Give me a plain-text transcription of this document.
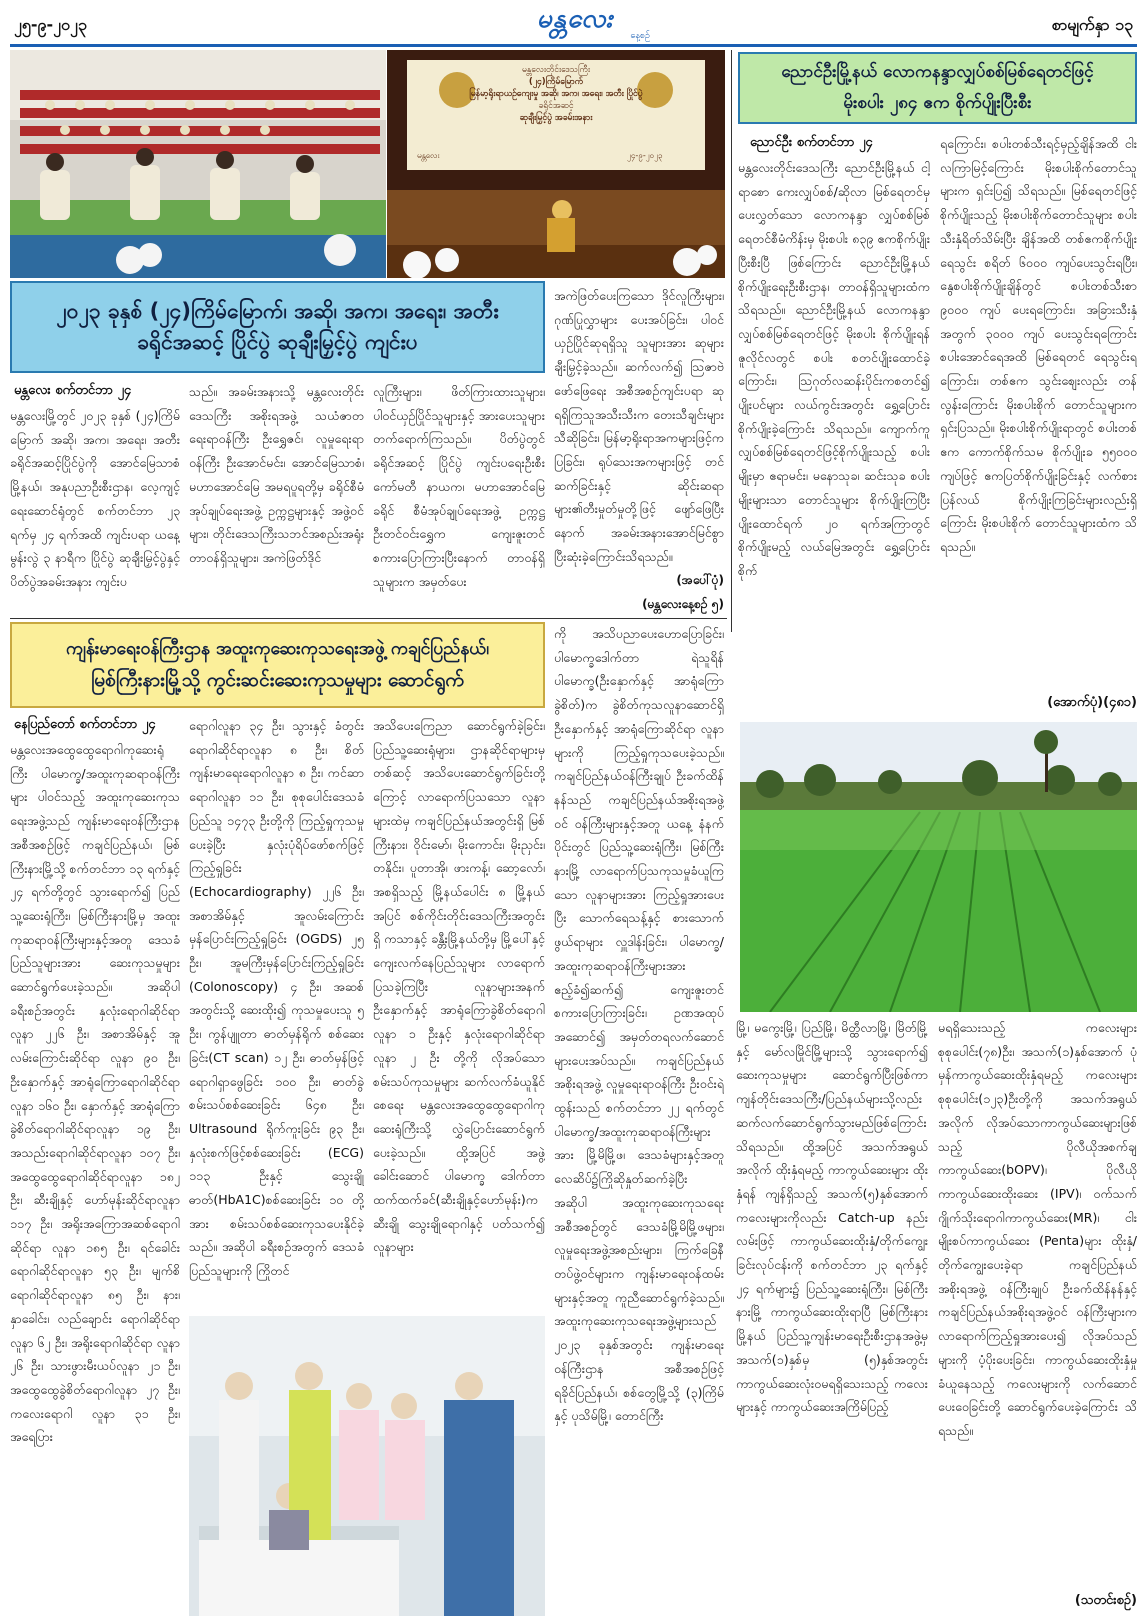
၂၅-၉-၂၀၂၃	မန္တလေး
နေ့စဉ်
စာမျက်နှာ ၁၃
မန္တလေးတိုင်းဒေသကြီး
(၂၄)ကြိမ်မြောက်
မြန်မာ့ရိုးရာယဉ်ကျေးမှု အဆို၊ အက၊ အရေး၊ အတီး ပြိုင်ပွဲ
ခရိုင်အဆင့်
ဆုချီးမြှင့်ပွဲ အခမ်းအနား
မန္တလေး	၂၄-၉-၂၀၂၃
ညောင်ဦးမြို့နယ် လောကနန္ဒာလျှပ်စစ်မြစ်ရေတင်ဖြင့်
မိုးစပါး ၂၈၄ ဧက စိုက်ပျိုးပြီးစီး
ညောင်ဦး စက်တင်ဘာ ၂၄
မန္တလေးတိုင်းဒေသကြီး ညောင်ဦးမြို့နယ် ငါ့ရာစော ကေးလျှပ်စစ်/ဆိုလာ မြစ်ရေတင်မှ ပေးလွှတ်သော လောကနန္ဒာ လျှပ်စစ်မြစ်ရေတင်စီမံကိန်းမှ မိုးစပါး ၈၃၉ ဧကစိုက်ပျိုးပြီးစီးပြီ ဖြစ်ကြောင်း ညောင်ဦးမြို့နယ် စိုက်ပျိုးရေးဦးစီးဌာန၊ တာဝန်ရှိသူများထံက သိရသည်။ ညောင်ဦးမြို့နယ် လောကနန္ဒာ လျှပ်စစ်မြစ်ရေတင်ဖြင့် မိုးစပါး စိုက်ပျိုးရန် ဇူလိုင်လတွင် စပါး စတင်ပျိုးထောင်ခဲ့ကြောင်း၊ သြဂုတ်လဆန်းပိုင်းကစတင်၍ ပျိုးပင်များ လယ်ကွင်းအတွင်း ရွှေ့ပြောင်းစိုက်ပျိုးခဲ့ကြောင်း သိရသည်။ ကျောက်ကူလျှပ်စစ်မြစ်ရေတင်ဖြင့်စိုက်ပျိုးသည့် စပါးမျိုးမှာ ဧရာမင်း၊ မနောသုခ၊ ဆင်းသုခ စပါးမျိုးများသာ တောင်သူများ စိုက်ပျိုးကြပြီး ပျိုးထောင်ရက် ၂၀ ရက်အကြာတွင် စိုက်ပျိုးမည့် လယ်မြေအတွင်း ရွှေ့ပြောင်းစိုက်
ရကြောင်း၊ စပါးတစ်သီးရင့်မှည့်ချိန်အထိ ငါးလကြာမြင့်ကြောင်း မိုးစပါးစိုက်တောင်သူများက ရှင်းပြ၍ သိရသည်။ မြစ်ရေတင်ဖြင့် စိုက်ပျိုးသည့် မိုးစပါးစိုက်တောင်သူများ စပါးသီးနှံရိတ်သိမ်းပြီး ချိန်အထိ တစ်ဧကစိုက်ပျိုးရေသွင်း စရိတ် ၆၀၀၀ ကျပ်ပေးသွင်းရပြီး၊ နွေစပါးစိုက်ပျိုးချိန်တွင် စပါးတစ်သီးစာ ၉၀၀၀ ကျပ် ပေးရကြောင်း၊ အခြားသီးနှံအတွက် ၃၀၀၀ ကျပ် ပေးသွင်းရကြောင်း စပါးအောင်ရေအထိ မြစ်ရေတင် ရေသွင်းရကြောင်း၊ တစ်ဧက သွင်းစျေးလည်း တန်လွန်းကြောင်း မိုးစပါးစိုက် တောင်သူများက ရှင်းပြသည်။ မိုးစပါးစိုက်ပျိုးရာတွင် စပါးတစ်ဧက ကောက်စိုက်သမ စိုက်ပျိုးခ ၅၅၀၀၀ ကျပ်ဖြင့် ဧကပြတ်စိုက်ပျိုးခြင်းနှင့် လက်စားပြန်လယ် စိုက်ပျိုးကြခြင်းများလည်းရှိကြောင်း မိုးစပါးစိုက် တောင်သူများထံက သိရသည်။
(အောက်ပုံ)(၄၈၁)
၂၀၂၃ ခုနှစ် (၂၄)ကြိမ်မြောက်၊ အဆို၊ အက၊ အရေး၊ အတီး
ခရိုင်အဆင့် ပြိုင်ပွဲ ဆုချီးမြှင့်ပွဲ ကျင်းပ
မန္တလေး စက်တင်ဘာ ၂၄
မန္တလေးမြို့တွင် ၂၀၂၃ ခုနှစ် (၂၄)ကြိမ်မြောက် အဆို၊ အက၊ အရေး၊ အတီး ခရိုင်အဆင့်ပြိုင်ပွဲကို အောင်မြေသာစံမြို့နယ်၊ အနုပညာဦးစီးဌာန၊ လေ့ကျင့်ရေးဆောင်ရုံတွင် စက်တင်ဘာ ၂၃ ရက်မှ ၂၄ ရက်အထိ ကျင်းပရာ ယနေ့ မွန်းလွဲ ၃ နာရီက ပြိုင်ပွဲ ဆုချီးမြှင့်ပွဲနှင့် ပိတ်ပွဲအခမ်းအနား ကျင်းပ
သည်။ အခမ်းအနားသို့ မန္တလေးတိုင်းဒေသကြီး အစိုးရအဖွဲ့ သယံဇာတရေးရာဝန်ကြီး ဦးရွှေဇင်၊ လူမှုရေးရာဝန်ကြီး ဦးအောင်မင်း၊ အောင်မြေသာစံ၊ မဟာအောင်မြေ အမရပူရတို့မှ ခရိုင်စီမံအုပ်ချုပ်ရေးအဖွဲ့ ဥက္ကဋ္ဌများနှင့် အဖွဲ့ဝင်များ၊ တိုင်းဒေသကြီးသဘင်အစည်းအရုံး တာဝန်ရှိသူများ၊ အကဲဖြတ်ဒိုင်
လူကြီးများ၊ ဖိတ်ကြားထားသူများ၊ ပါဝင်ယှဉ်ပြိုင်သူများနှင့် အားပေးသူများ တက်ရောက်ကြသည်။ ပိတ်ပွဲတွင် ခရိုင်အဆင့် ပြိုင်ပွဲ ကျင်းပရေးဦးစီးကော်မတီ နာယက၊ မဟာအောင်မြေခရိုင် စီမံအုပ်ချုပ်ရေးအဖွဲ့ ဥက္ကဋ္ဌ ဦးတင်ဝင်းရွှေက ကျေးဇူးတင်စကားပြောကြားပြီးနောက် တာဝန်ရှိသူများက အမှတ်ပေး
အကဲဖြတ်ပေးကြသော ဒိုင်လူကြီးများ၊ ဂုဏ်ပြုလွှာများ ပေးအပ်ခြင်း၊ ပါဝင်ယှဉ်ပြိုင်ဆုရရှိသူ သူများအား ဆုများချီးမြှင့်ခဲ့သည်။ ဆက်လက်၍ ဩဇာဗဲဖော်ဖြေရေး အစီအစဉ်ကျင်းပရာ ဆုရရှိကြသူအသီးသီးက တေးသီချင်းများ သီဆိုခြင်း၊ မြန်မာ့ရိုးရာအကများဖြင့်ကပြခြင်း၊ ရုပ်သေးအကများဖြင့် တင်ဆက်ခြင်းနှင့် ဆိုင်းဆရာများ၏တီးမှုတ်မှုတို့ဖြင့် ဖျော်ဖြေပြီးနောက် အခမ်းအနားအောင်မြင်စွာ ပြီးဆုံးခဲ့ကြောင်းသိရသည်။
(အပေါ်ပုံ)
(မန္တလေးနေ့စဉ် ၅)
ကျန်းမာရေးဝန်ကြီးဌာန အထူးကုဆေးကုသရေးအဖွဲ့ ကချင်ပြည်နယ်၊
မြစ်ကြီးနားမြို့သို့ ကွင်းဆင်းဆေးကုသမှုများ ဆောင်ရွက်
နေပြည်တော် စက်တင်ဘာ ၂၄
မန္တလေးအထွေထွေရောဂါကုဆေးရုံကြီး ပါမောက္ခ/အထူးကုဆရာဝန်ကြီးများ ပါဝင်သည့် အထူးကုဆေးကုသရေးအဖွဲ့သည် ကျန်းမာရေးဝန်ကြီးဌာန အစီအစဉ်ဖြင့် ကချင်ပြည်နယ်၊ မြစ်ကြီးနားမြို့သို့ စက်တင်ဘာ ၁၃ ရက်နှင့် ၂၄ ရက်တို့တွင် သွားရောက်၍ ပြည်သူ့ဆေးရုံကြီး၊ မြစ်ကြီးနားမြို့မှ အထူးကုဆရာဝန်ကြီးများနှင့်အတူ ဒေသခံပြည်သူများအား ဆေးကုသမှုများ ဆောင်ရွက်ပေးခဲ့သည်။ အဆိုပါ ခရီးစဉ်အတွင်း နှလုံးရောဂါဆိုင်ရာလူနာ ၂၂၆ ဦး၊ အစာအိမ်နှင့် အူလမ်းကြောင်းဆိုင်ရာ လူနာ ၉၀ ဦး၊ ဦးနှောက်နှင့် အာရုံကြောရောဂါဆိုင်ရာလူနာ ၁၆၀ ဦး၊ နှောက်နှင့် အာရုံကြောခွဲစိတ်ရောဂါဆိုင်ရာလူနာ ၁၉ ဦး၊ အသည်းရောဂါဆိုင်ရာလူနာ ၁၀၇ ဦး၊ အထွေထွေရောဂါဆိုင်ရာလူနာ ၁၈၂ ဦး၊ ဆီးချိုနှင့် ဟော်မုန်းဆိုင်ရာလူနာ ၁၁၇ ဦး၊ အရိုးအကြောအဆစ်ရောဂါဆိုင်ရာ လူနာ ၁၈၅ ဦး၊ ရင်ခေါင်းရောဂါဆိုင်ရာလူနာ ၅၃ ဦး၊ မျက်စိရောဂါဆိုင်ရာလူနာ ၈၅ ဦး၊ နား၊ နှာခေါင်း၊ လည်ချောင်း ရောဂါဆိုင်ရာ လူနာ ၆၂ ဦး၊ အရိုးရောဂါဆိုင်ရာ လူနာ ၂၆ ဦး၊ သားဖွားမီးယပ်လူနာ ၂၁ ဦး၊ အထွေထွေခွဲစိတ်ရောဂါလူနာ ၂၇ ဦး၊ ကလေးရောဂါ လူနာ ၃၁ ဦး၊ အရေပြား
ရောဂါလူနာ ၃၄ ဦး၊ သွားနှင့် ခံတွင်းရောဂါဆိုင်ရာလူနာ ၈ ဦး၊ စိတ်ကျန်းမာရေးရောဂါလူနာ ၈ ဦး၊ ကင်ဆာရောဂါလူနာ ၁၁ ဦး၊ စုစုပေါင်းဒေသခံပြည်သူ ၁၄၇၃ ဦးတို့ကို ကြည့်ရှုကုသမှုပေးခဲ့ပြီး နှလုံးပုံရိပ်ဖော်စက်ဖြင့် ကြည့်ရှုခြင်း (Echocardiography) ၂၂၆ ဦး၊ အစာအိမ်နှင့် အူလမ်းကြောင်း မှန်ပြောင်းကြည့်ရှုခြင်း (OGDS) ၂၅ ဦး၊ အူမကြီးမှန်ပြောင်းကြည့်ရှုခြင်း (Colonoscopy) ၄ ဦး၊ အဆစ်အတွင်းသို့ ဆေးထိုး၍ ကုသမှုပေးသူ ၅ ဦး၊ ကွန်ပျူတာ ဓာတ်မှန်ရိုက် စစ်ဆေးခြင်း(CT scan) ၁၂ ဦး၊ ဓာတ်မှန်ဖြင့် ရောဂါရှာဖွေခြင်း ၁၀၀ ဦး၊ ဓာတ်ခွဲ စမ်းသပ်စစ်ဆေးခြင်း ၆၄၈ ဦး၊ Ultrasound ရိုက်ကူးခြင်း ၉၃ ဦး၊ နှလုံးစက်ဖြင့်စစ်ဆေးခြင်း (ECG) ၁၁၃ ဦးနှင့် သွေးချိုဓာတ်(HbA1C)စစ်ဆေးခြင်း ၁၀ တို့အား စမ်းသပ်စစ်ဆေးကုသပေးနိုင်ခဲ့သည်။ အဆိုပါ ခရီးစဉ်အတွက် ဒေသခံပြည်သူများကို ကြိုတင်
အသိပေးကြေညာ ဆောင်ရွက်ခဲ့ခြင်း၊ ပြည်သူ့ဆေးရုံများ၊ ဌာနဆိုင်ရာများမှတစ်ဆင့် အသိပေးဆောင်ရွက်ခြင်းတို့ကြောင့် လာရောက်ပြသသော လူနာများထဲမှ ကချင်ပြည်နယ်အတွင်းရှိ မြစ်ကြီးနား၊ ဝိုင်းမော်၊ မိုးကောင်း၊ မိုးညှင်း၊ တနိုင်း၊ ပူတာအို၊ ဖားကန့်၊ ဆော့လော်၊ အစရှိသည့် မြို့နယ်ပေါင်း ၈ မြို့နယ်အပြင် စစ်ကိုင်းတိုင်းဒေသကြီးအတွင်းရှိ ကသာနှင့် ခန္တီးမြို့နယ်တို့မှ မြို့ပေါ်နှင့် ကျေးလက်နေပြည်သူများ လာရောက်ပြသခဲ့ကြပြီး လူနာများအနက် ဦးနှောက်နှင့် အာရုံကြောခွဲစိတ်ရောဂါလူနာ ၁ ဦးနှင့် နှလုံးရောဂါဆိုင်ရာ လူနာ ၂ ဦး တို့ကို လိုအပ်သော စမ်းသပ်ကုသမှုများ ဆက်လက်ခံယူနိုင်စေရေး မန္တလေးအထွေထွေရောဂါကုဆေးရုံကြီးသို့ လွှဲပြောင်းဆောင်ရွက်ပေးခဲ့သည်။ ထို့အပြင် အဖွဲ့ ခေါင်းဆောင် ပါမောက္ခ ဒေါက်တာထက်ထက်ခင်(ဆီးချိုနှင့်ဟော်မုန်း)က ဆီးချို သွေးချိုရောဂါနှင့် ပတ်သက်၍ လူနာများ
ကို အသိပညာပေးဟောပြောခြင်း၊ ပါမောက္ခဒေါက်တာ ရဲသူရိန် ပါမောက္ခ(ဦးနှောက်နှင့် အာရုံကြောခွဲစိတ်)က ခွဲစိတ်ကုသလူနာဆောင်ရှိ ဦးနှောက်နှင့် အာရုံကြောဆိုင်ရာ လူနာများကို ကြည့်ရှုကုသပေးခဲ့သည်။ ကချင်ပြည်နယ်ဝန်ကြီးချုပ် ဦးခက်ထိန်နန်သည် ကချင်ပြည်နယ်အစိုးရအဖွဲ့ဝင် ဝန်ကြီးများနှင့်အတူ ယနေ့ နံနက်ပိုင်းတွင် ပြည်သူ့ဆေးရုံကြီး၊ မြစ်ကြီးနားမြို့ လာရောက်ပြသကုသမှုခံယူကြသော လူနာများအား ကြည့်ရှုအားပေးပြီး သောက်ရေသန့်နှင့် စားသောက်ဖွယ်ရာများ လှူဒါန်းခြင်း၊ ပါမောက္ခ/အထူးကုဆရာဝန်ကြီးများအား ဧည့်ခံ၍ဆက်၍ ကျေးဇူးတင်စကားပြောကြားခြင်း၊ ဥဏအထုပ်အဆောင်၍ အမှတ်တရလက်ဆောင်များပေးအပ်သည်။ ကချင်ပြည်နယ်အစိုးရအဖွဲ့ လူမှုရေးရာဝန်ကြီး ဦးဝင်းရဲထွန်းသည် စက်တင်ဘာ ၂၂ ရက်တွင် ပါမောက္ခ/အထူးကုဆရာဝန်ကြီးများအား မြို့မိမြို့ဖ၊ ဒေသခံများနှင့်အတူ လေဆိပ်၌ကြိုဆိုနှုတ်ဆက်ခဲ့ပြီး အဆိုပါ အထူးကုဆေးကုသရေး အစီအစဉ်တွင် ဒေသခံမြို့မိမြို့ဖများ၊ လူမှုရေးအဖွဲ့အစည်းများ၊ ကြက်ခြေနီတပ်ဖွဲ့ဝင်များက ကျန်းမာရေးဝန်ထမ်းများနှင့်အတူ ကူညီဆောင်ရွက်ခဲ့သည်။ အထူးကုဆေးကုသရေးအဖွဲ့များသည် ၂၀၂၃ ခုနှစ်အတွင်း ကျန်းမာရေးဝန်ကြီးဌာန အစီအစဉ်ဖြင့် ရခိုင်ပြည်နယ်၊ စစ်တွေမြို့သို့ (၃)ကြိမ်နှင့် ပုသိမ်မြို့၊ တောင်ကြီး
မြို့၊ မကွေးမြို့၊ ပြည်မြို့၊ မိတ္ထီလာမြို့၊ မြိတ်မြို့နှင့် မော်လမြိုင်မြို့များသို့ သွားရောက်၍ ဆေးကုသမှုများ ဆောင်ရွက်ပြီးဖြစ်ကာ ကျန်တိုင်းဒေသကြီး/ပြည်နယ်များသို့လည်း ဆက်လက်ဆောင်ရွက်သွားမည်ဖြစ်ကြောင်း သိရသည်။ ထို့အပြင် အသက်အရွယ်အလိုက် ထိုးနှံရမည့် ကာကွယ်ဆေးများ ထိုးနှံရန် ကျန်ရှိသည့် အသက်(၅)နှစ်အောက် ကလေးများကိုလည်း Catch-up နည်းလမ်းဖြင့် ကာကွယ်ဆေးထိုးနှံ/တိုက်ကျွေးခြင်းလုပ်ငန်းကို စက်တင်ဘာ ၂၃ ရက်နှင့် ၂၄ ရက်များ၌ ပြည်သူ့ဆေးရုံကြီး၊ မြစ်ကြီးနားမြို့ ကာကွယ်ဆေးထိုးရာပြီ မြစ်ကြီးနားမြို့နယ် ပြည်သူ့ကျန်းမာရေးဦးစီးဌာနအဖွဲ့မှ အသက်(၁)နှစ်မှ (၅)နှစ်အတွင်း ကာကွယ်ဆေးလုံးဝမရရှိသေးသည့် ကလေးများနှင့် ကာကွယ်ဆေးအကြိမ်ပြည့်
မရရှိသေးသည့် ကလေးများ စုစုပေါင်း(၇၈)ဦး၊ အသက်(၁)နှစ်အောက် ပုံမှန်ကာကွယ်ဆေးထိုးနှံရမည့် ကလေးများ စုစုပေါင်း(၁၂၃)ဦးတို့ကို အသက်အရွယ်အလိုက် လိုအပ်သောကာကွယ်ဆေးများဖြစ်သည့် ပိုလီယိုအစက်ချ ကာကွယ်ဆေး(bOPV)၊ ပိုလီယို ကာကွယ်ဆေးထိုးဆေး (IPV)၊ ဝက်သက်ဂျိုက်သိုးရောဂါကာကွယ်ဆေး(MR)၊ ငါးမျိုးစပ်ကာကွယ်ဆေး (Penta)များ ထိုးနှံ/တိုက်ကျွေးပေးခဲ့ရာ ကချင်ပြည်နယ်အစိုးရအဖွဲ့ ဝန်ကြီးချုပ် ဦးခက်ထိန်နန်နှင့် ကချင်ပြည်နယ်အစိုးရအဖွဲ့ဝင် ဝန်ကြီးများက လာရောက်ကြည့်ရှုအားပေး၍ လိုအပ်သည်များကို ပံ့ပိုးပေးခြင်း၊ ကာကွယ်ဆေးထိုးနှံမှု ခံယူနေသည့် ကလေးများကို လက်ဆောင်ပေးဝေခြင်းတို့ ဆောင်ရွက်ပေးခဲ့ကြောင်း သိရသည်။
(သတင်းစဉ်)
